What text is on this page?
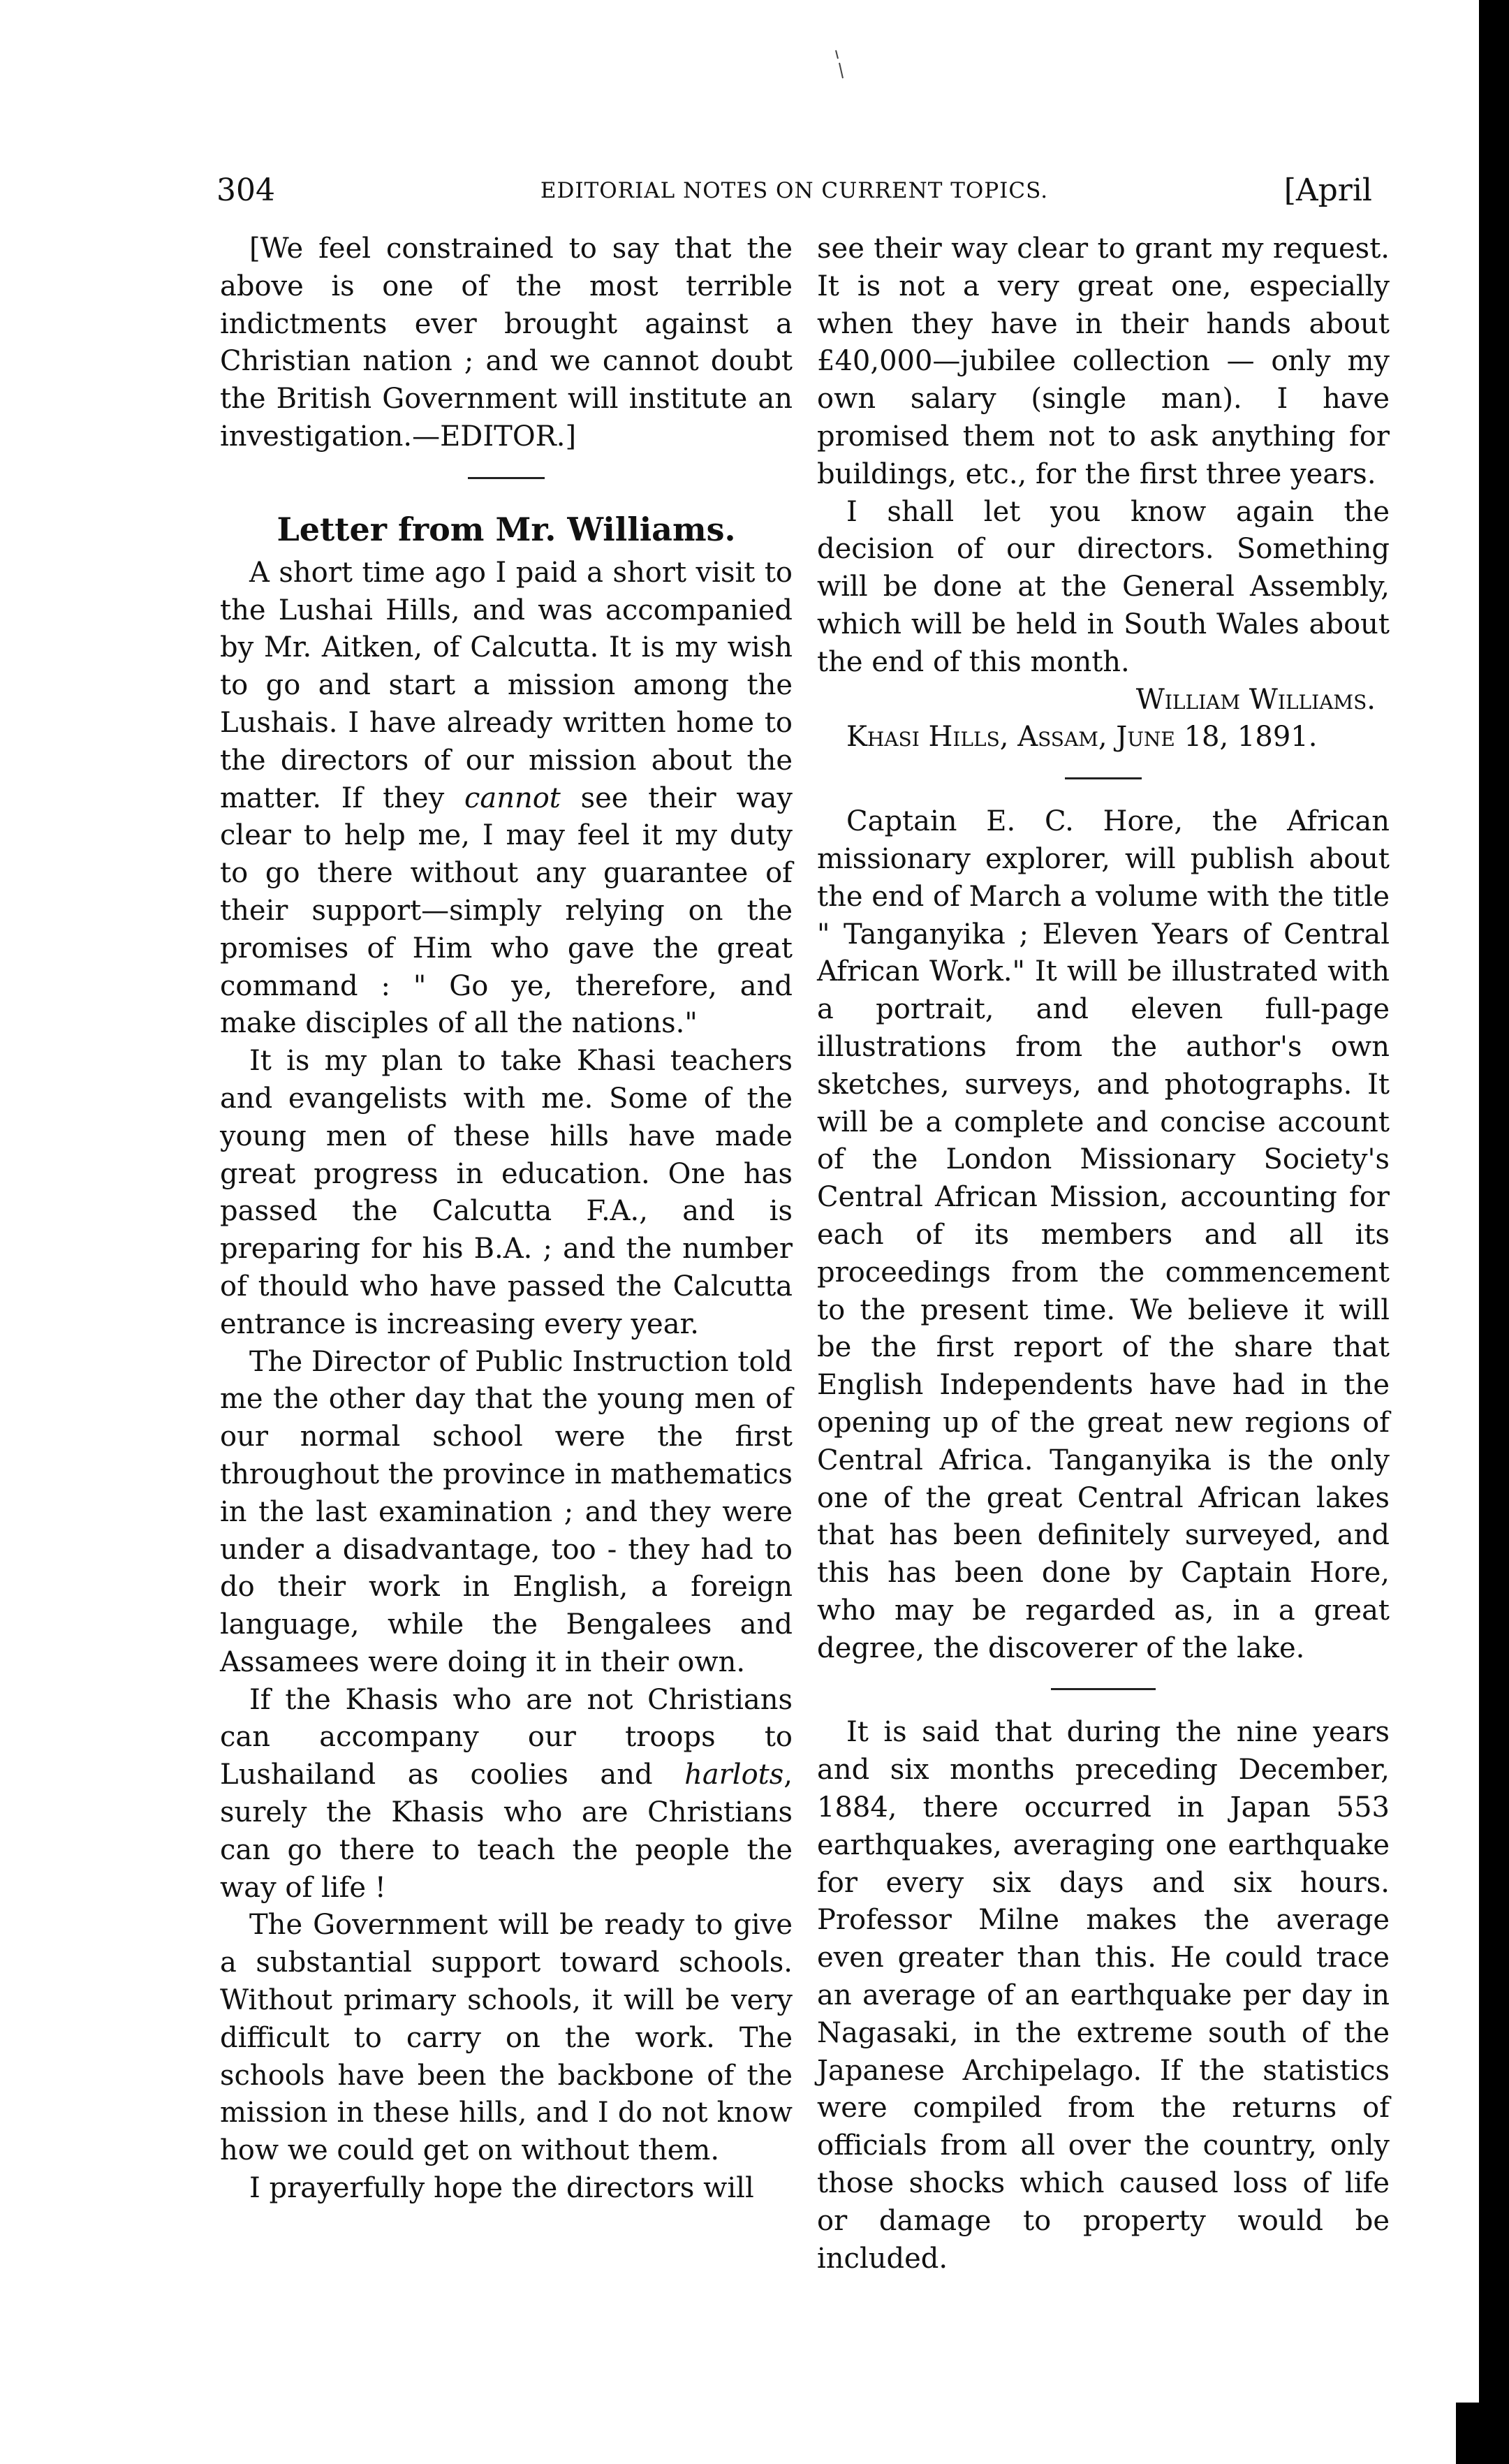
304	EDITORIAL NOTES ON CURRENT TOPICS.	[April

[We feel constrained to say that the above is one of the most terrible indictments ever brought against a Christian nation ; and we cannot doubt the British Government will institute an investigation.—EDITOR.]

Letter from Mr. Williams.

A short time ago I paid a short visit to the Lushai Hills, and was accompanied by Mr. Aitken, of Calcutta. It is my wish to go and start a mission among the Lushais. I have already written home to the directors of our mission about the matter. If they cannot see their way clear to help me, I may feel it my duty to go there without any guarantee of their support—simply relying on the promises of Him who gave the great command : " Go ye, therefore, and make disciples of all the nations."

It is my plan to take Khasi teachers and evangelists with me. Some of the young men of these hills have made great progress in education. One has passed the Calcutta F.A., and is preparing for his B.A. ; and the number of thould who have passed the Calcutta entrance is increasing every year.

The Director of Public Instruction told me the other day that the young men of our normal school were the first throughout the province in mathematics in the last examination ; and they were under a disadvantage, too - they had to do their work in English, a foreign language, while the Bengalees and Assamees were doing it in their own.

If the Khasis who are not Christians can accompany our troops to Lushailand as coolies and harlots, surely the Khasis who are Christians can go there to teach the people the way of life !

The Government will be ready to give a substantial support toward schools. Without primary schools, it will be very difficult to carry on the work. The schools have been the backbone of the mission in these hills, and I do not know how we could get on without them.

I prayerfully hope the directors will

see their way clear to grant my request. It is not a very great one, especially when they have in their hands about £40,000—jubilee collection — only my own salary (single man). I have promised them not to ask anything for buildings, etc., for the first three years.

I shall let you know again the decision of our directors. Something will be done at the General Assembly, which will be held in South Wales about the end of this month.

William Williams.

Khasi Hills, Assam, June 18, 1891.

Captain E. C. Hore, the African missionary explorer, will publish about the end of March a volume with the title " Tanganyika ; Eleven Years of Central African Work." It will be illustrated with a portrait, and eleven full-page illustrations from the author's own sketches, surveys, and photographs. It will be a complete and concise account of the London Missionary Society's Central African Mission, accounting for each of its members and all its proceedings from the commencement to the present time. We believe it will be the first report of the share that English Independents have had in the opening up of the great new regions of Central Africa. Tanganyika is the only one of the great Central African lakes that has been definitely surveyed, and this has been done by Captain Hore, who may be regarded as, in a great degree, the discoverer of the lake.

It is said that during the nine years and six months preceding December, 1884, there occurred in Japan 553 earthquakes, averaging one earthquake for every six days and six hours. Professor Milne makes the average even greater than this. He could trace an average of an earthquake per day in Nagasaki, in the extreme south of the Japanese Archipelago. If the statistics were compiled from the returns of officials from all over the country, only those shocks which caused loss of life or damage to property would be included.
